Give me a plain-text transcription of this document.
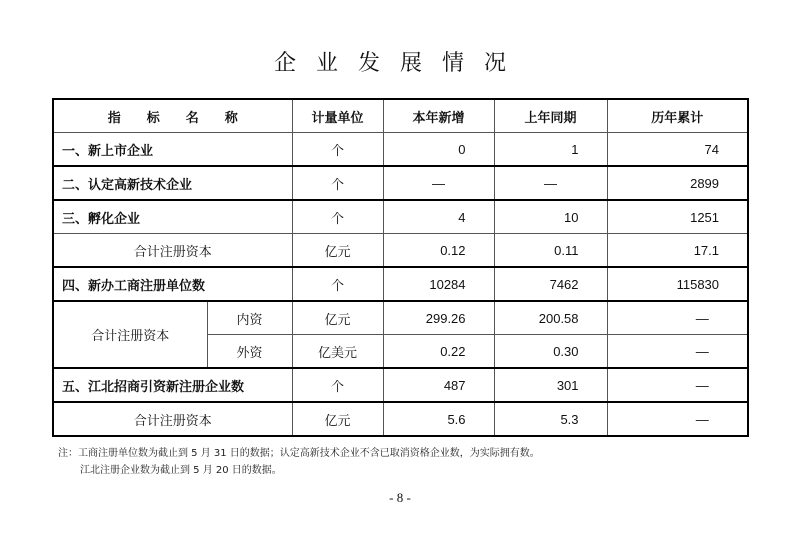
企业发展情况
指　　标　　名　　称		计量单位	本年新增	上年同期	历年累计
一、新上市企业		个	0	1	74
二、认定高新技术企业		个	—	—	2899
三、孵化企业		个	4	10	1251
合计注册资本		亿元	0.12	0.11	17.1
四、新办工商注册单位数		个	10284	7462	115830
合计注册资本	内资	亿元	299.26	200.58	—
	外资	亿美元	0.22	0.30	—
五、江北招商引资新注册企业数		个	487	301	—
合计注册资本		亿元	5.6	5.3	—
注：工商注册单位数为截止到 5 月 31 日的数据；认定高新技术企业不含已取消资格企业数，为实际拥有数。
江北注册企业数为截止到 5 月 20 日的数据。
- 8 -
